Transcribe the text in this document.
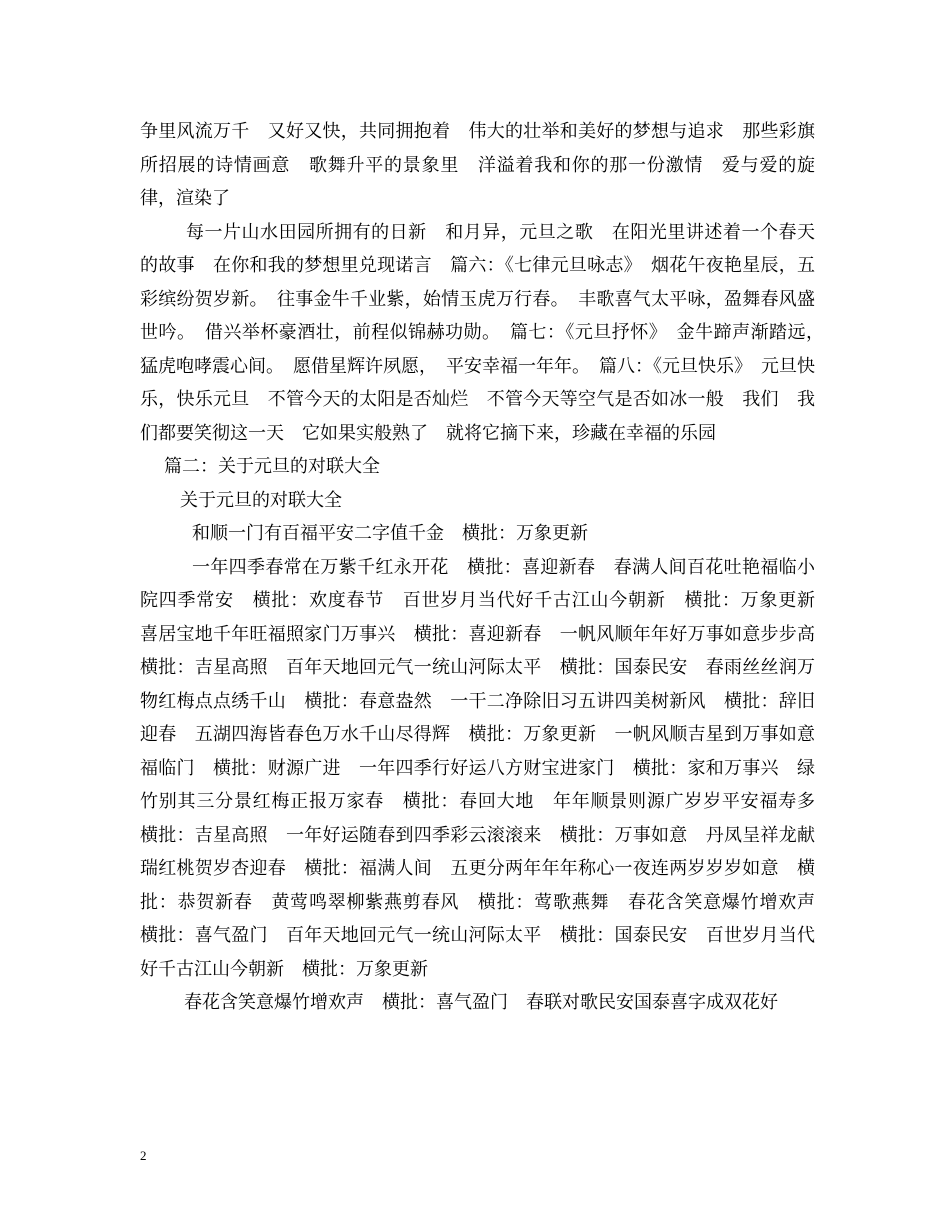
争里风流万千　又好又快，共同拥抱着　伟大的壮举和美好的梦想与追求　那些彩旗所招展的诗情画意　歌舞升平的景象里　洋溢着我和你的那一份激情　爱与爱的旋律，渲染了

每一片山水田园所拥有的日新　和月异，元旦之歌　在阳光里讲述着一个春天的故事　在你和我的梦想里兑现诺言　篇六：《七律元旦咏志》　烟花午夜艳星辰，五彩缤纷贺岁新。　往事金牛千业紫，始情玉虎万行春。　丰歌喜气太平咏，盈舞春风盛世吟。　借兴举杯豪酒壮，前程似锦赫功勋。　篇七：《元旦抒怀》　金牛蹄声渐踏远，　猛虎咆哮震心间。　愿借星辉许夙愿，　平安幸福一年年。　篇八：《元旦快乐》　元旦快乐，快乐元旦　不管今天的太阳是否灿烂　不管今天等空气是否如冰一般　我们　我们都要笑彻这一天　它如果实般熟了　就将它摘下来，珍藏在幸福的乐园

篇二：关于元旦的对联大全

关于元旦的对联大全

和顺一门有百福平安二字值千金　横批：万象更新

一年四季春常在万紫千红永开花　横批：喜迎新春　春满人间百花吐艳福临小院四季常安　横批：欢度春节　百世岁月当代好千古江山今朝新　横批：万象更新　喜居宝地千年旺福照家门万事兴　横批：喜迎新春　一帆风顺年年好万事如意步步高　横批：吉星高照　百年天地回元气一统山河际太平　横批：国泰民安　春雨丝丝润万物红梅点点绣千山　横批：春意盎然　一干二净除旧习五讲四美树新风　横批：辞旧迎春　五湖四海皆春色万水千山尽得辉　横批：万象更新　一帆风顺吉星到万事如意福临门　横批：财源广进　一年四季行好运八方财宝进家门　横批：家和万事兴　绿竹别其三分景红梅正报万家春　横批：春回大地　年年顺景则源广岁岁平安福寿多　横批：吉星高照　一年好运随春到四季彩云滚滚来　横批：万事如意　丹凤呈祥龙献瑞红桃贺岁杏迎春　横批：福满人间　五更分两年年年称心一夜连两岁岁岁如意　横批：恭贺新春　黄莺鸣翠柳紫燕剪春风　横批：莺歌燕舞　春花含笑意爆竹增欢声　横批：喜气盈门　百年天地回元气一统山河际太平　横批：国泰民安　百世岁月当代好千古江山今朝新　横批：万象更新

春花含笑意爆竹增欢声　横批：喜气盈门　春联对歌民安国泰喜字成双花好

2
